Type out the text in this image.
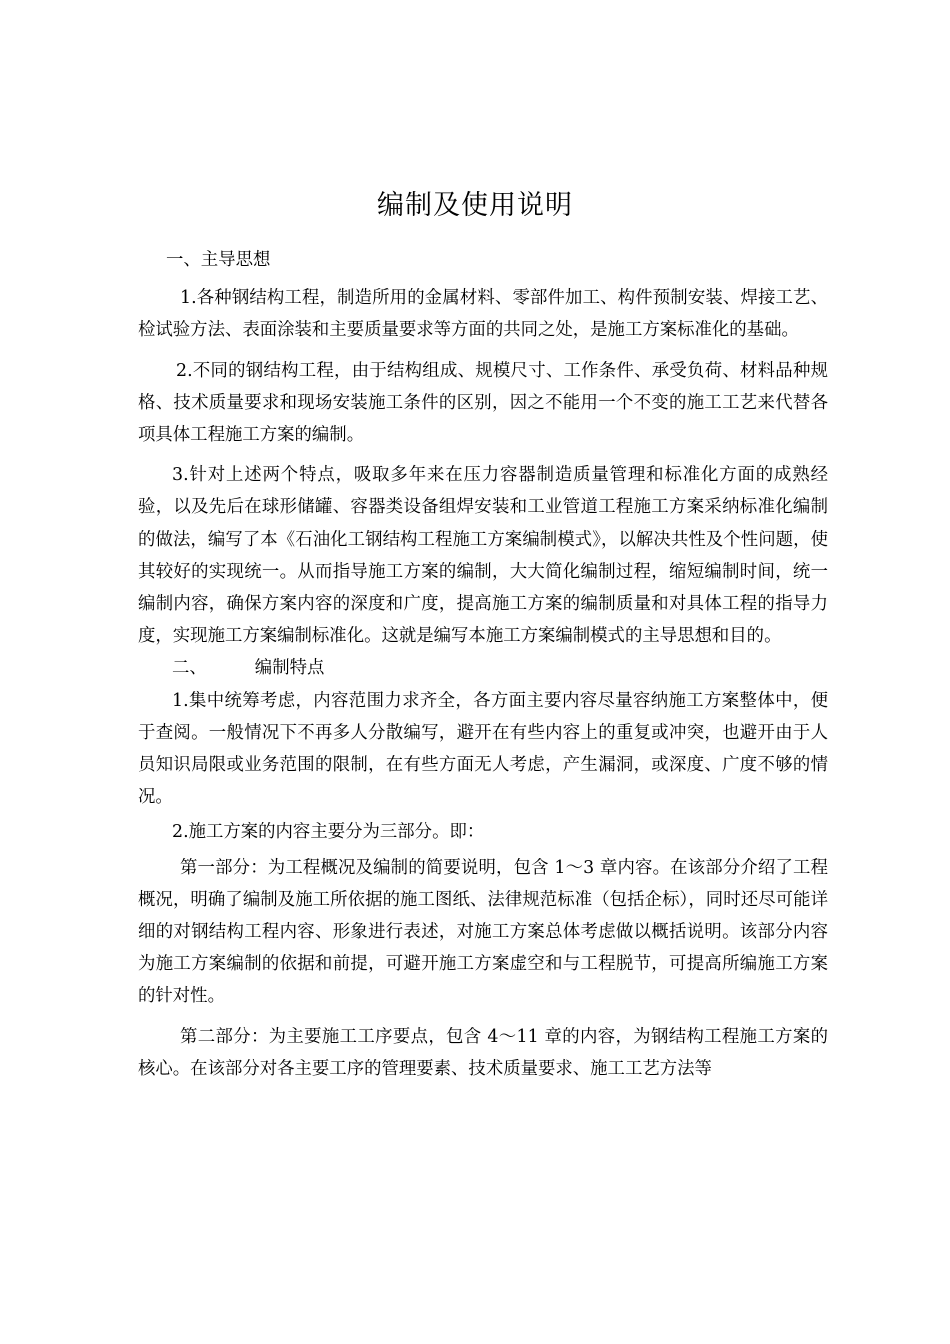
编制及使用说明

一、主导思想

1.各种钢结构工程，制造所用的金属材料、零部件加工、构件预制安装、焊接工艺、检试验方法、表面涂装和主要质量要求等方面的共同之处，是施工方案标准化的基础。

2.不同的钢结构工程，由于结构组成、规模尺寸、工作条件、承受负荷、材料品种规格、技术质量要求和现场安装施工条件的区别，因之不能用一个不变的施工工艺来代替各项具体工程施工方案的编制。

3.针对上述两个特点，吸取多年来在压力容器制造质量管理和标准化方面的成熟经验，以及先后在球形储罐、容器类设备组焊安装和工业管道工程施工方案采纳标准化编制的做法，编写了本《石油化工钢结构工程施工方案编制模式》，以解决共性及个性问题，使其较好的实现统一。从而指导施工方案的编制，大大简化编制过程，缩短编制时间，统一编制内容，确保方案内容的深度和广度，提高施工方案的编制质量和对具体工程的指导力度，实现施工方案编制标准化。这就是编写本施工方案编制模式的主导思想和目的。

二、	编制特点

1.集中统筹考虑，内容范围力求齐全，各方面主要内容尽量容纳施工方案整体中，便于查阅。一般情况下不再多人分散编写，避开在有些内容上的重复或冲突，也避开由于人员知识局限或业务范围的限制，在有些方面无人考虑，产生漏洞，或深度、广度不够的情况。

2.施工方案的内容主要分为三部分。即：

第一部分：为工程概况及编制的简要说明，包含 1～3 章内容。在该部分介绍了工程概况，明确了编制及施工所依据的施工图纸、法律规范标准（包括企标），同时还尽可能详细的对钢结构工程内容、形象进行表述，对施工方案总体考虑做以概括说明。该部分内容为施工方案编制的依据和前提，可避开施工方案虚空和与工程脱节，可提高所编施工方案的针对性。

第二部分：为主要施工工序要点，包含 4～11 章的内容，为钢结构工程施工方案的核心。在该部分对各主要工序的管理要素、技术质量要求、施工工艺方法等
